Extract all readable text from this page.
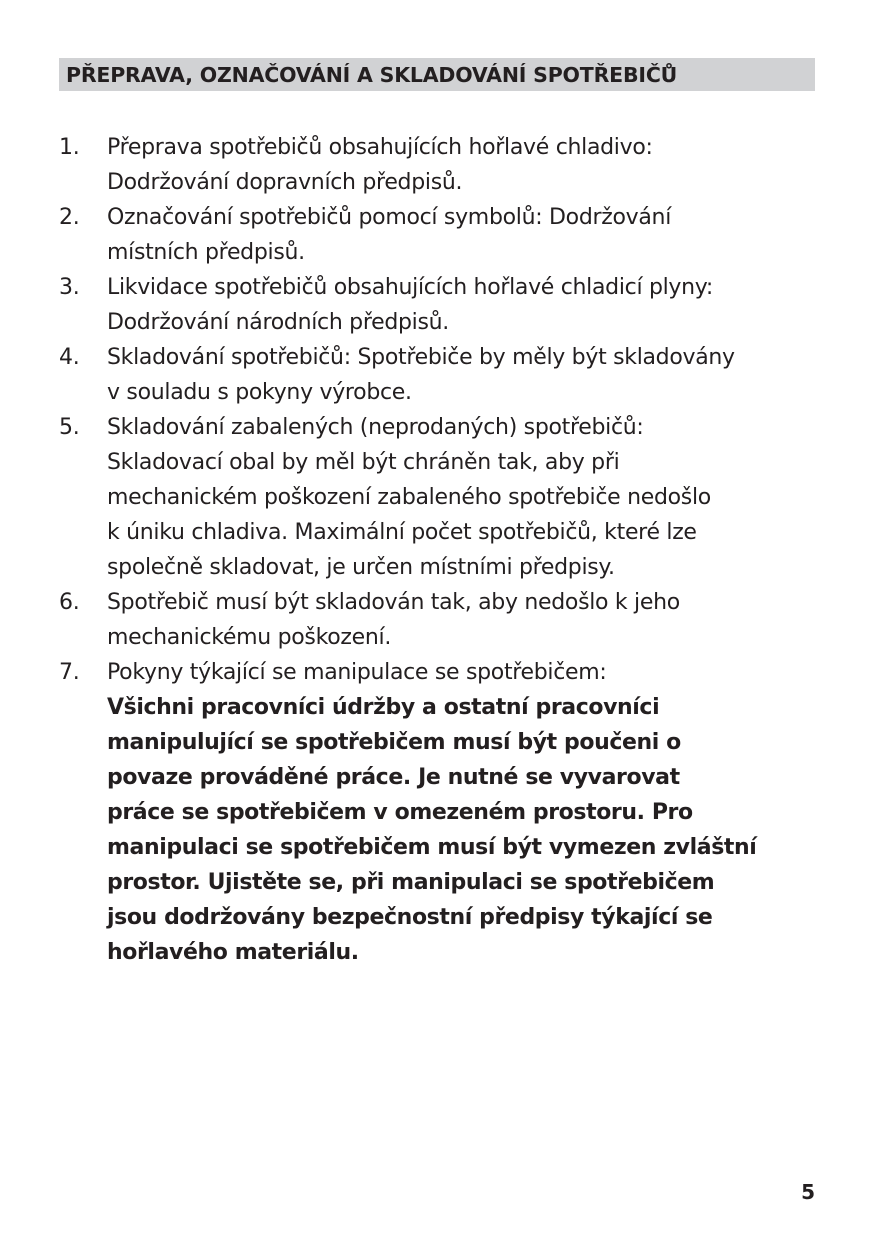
PŘEPRAVA, OZNAČOVÁNÍ A SKLADOVÁNÍ SPOTŘEBIČŮ
1. Přeprava spotřebičů obsahujících hořlavé chladivo:
Dodržování dopravních předpisů.
2. Označování spotřebičů pomocí symbolů: Dodržování
místních předpisů.
3. Likvidace spotřebičů obsahujících hořlavé chladicí plyny:
Dodržování národních předpisů.
4. Skladování spotřebičů: Spotřebiče by měly být skladovány
v souladu s pokyny výrobce.
5. Skladování zabalených (neprodaných) spotřebičů:
Skladovací obal by měl být chráněn tak, aby při
mechanickém poškození zabaleného spotřebiče nedošlo
k úniku chladiva. Maximální počet spotřebičů, které lze
společně skladovat, je určen místními předpisy.
6. Spotřebič musí být skladován tak, aby nedošlo k jeho
mechanickému poškození.
7. Pokyny týkající se manipulace se spotřebičem:
Všichni pracovníci údržby a ostatní pracovníci
manipulující se spotřebičem musí být poučeni o
povaze prováděné práce. Je nutné se vyvarovat
práce se spotřebičem v omezeném prostoru. Pro
manipulaci se spotřebičem musí být vymezen zvláštní
prostor. Ujistěte se, při manipulaci se spotřebičem
jsou dodržovány bezpečnostní předpisy týkající se
hořlavého materiálu.
5
